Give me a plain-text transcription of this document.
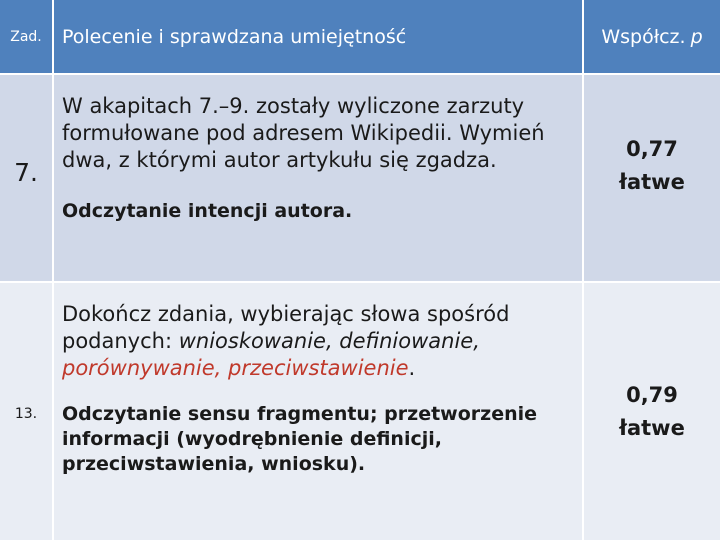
Zad.	Polecenie i sprawdzana umiejętność	Współcz. p
7.

W akapitach 7.–9. zostały wyliczone zarzuty formułowane pod adresem Wikipedii. Wymień dwa, z którymi autor artykułu się zgadza.

Odczytanie intencji autora.

0,77
łatwe
13.

Dokończ zdania, wybierając słowa spośród podanych: wnioskowanie, definiowanie, porównywanie, przeciwstawienie.

Odczytanie sensu fragmentu; przetworzenie informacji (wyodrębnienie definicji, przeciwstawienia, wniosku).

0,79
łatwe
